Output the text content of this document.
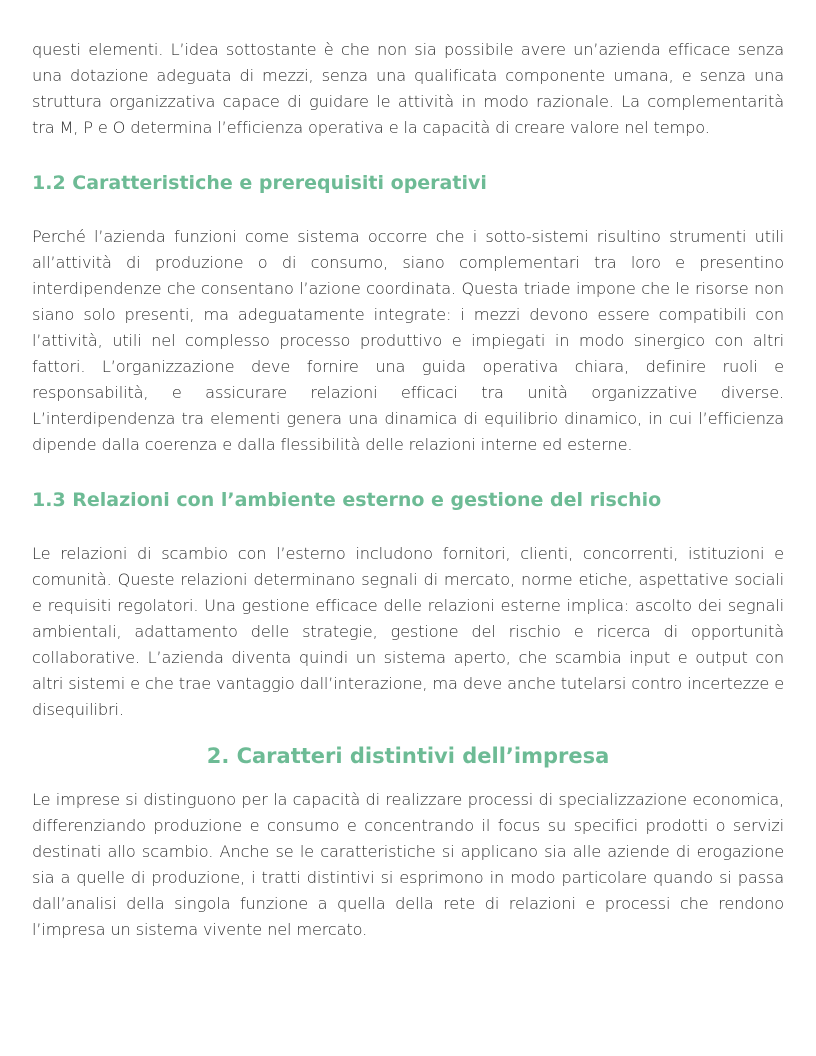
questi elementi. L’idea sottostante è che non sia possibile avere un’azienda efficace senza una dotazione adeguata di mezzi, senza una qualificata componente umana, e senza una struttura organizzativa capace di guidare le attività in modo razionale. La complementarità tra M, P e O determina l’efficienza operativa e la capacità di creare valore nel tempo.

1.2 Caratteristiche e prerequisiti operativi

Perché l’azienda funzioni come sistema occorre che i sotto-sistemi risultino strumenti utili all’attività di produzione o di consumo, siano complementari tra loro e presentino interdipendenze che consentano l’azione coordinata. Questa triade impone che le risorse non siano solo presenti, ma adeguatamente integrate: i mezzi devono essere compatibili con l’attività, utili nel complesso processo produttivo e impiegati in modo sinergico con altri fattori. L’organizzazione deve fornire una guida operativa chiara, definire ruoli e responsabilità, e assicurare relazioni efficaci tra unità organizzative diverse. L’interdipendenza tra elementi genera una dinamica di equilibrio dinamico, in cui l’efficienza dipende dalla coerenza e dalla flessibilità delle relazioni interne ed esterne.

1.3 Relazioni con l’ambiente esterno e gestione del rischio

Le relazioni di scambio con l’esterno includono fornitori, clienti, concorrenti, istituzioni e comunità. Queste relazioni determinano segnali di mercato, norme etiche, aspettative sociali e requisiti regolatori. Una gestione efficace delle relazioni esterne implica: ascolto dei segnali ambientali, adattamento delle strategie, gestione del rischio e ricerca di opportunità collaborative. L’azienda diventa quindi un sistema aperto, che scambia input e output con altri sistemi e che trae vantaggio dall’interazione, ma deve anche tutelarsi contro incertezze e disequilibri.

2. Caratteri distintivi dell’impresa

Le imprese si distinguono per la capacità di realizzare processi di specializzazione economica, differenziando produzione e consumo e concentrando il focus su specifici prodotti o servizi destinati allo scambio. Anche se le caratteristiche si applicano sia alle aziende di erogazione sia a quelle di produzione, i tratti distintivi si esprimono in modo particolare quando si passa dall’analisi della singola funzione a quella della rete di relazioni e processi che rendono l’impresa un sistema vivente nel mercato.
